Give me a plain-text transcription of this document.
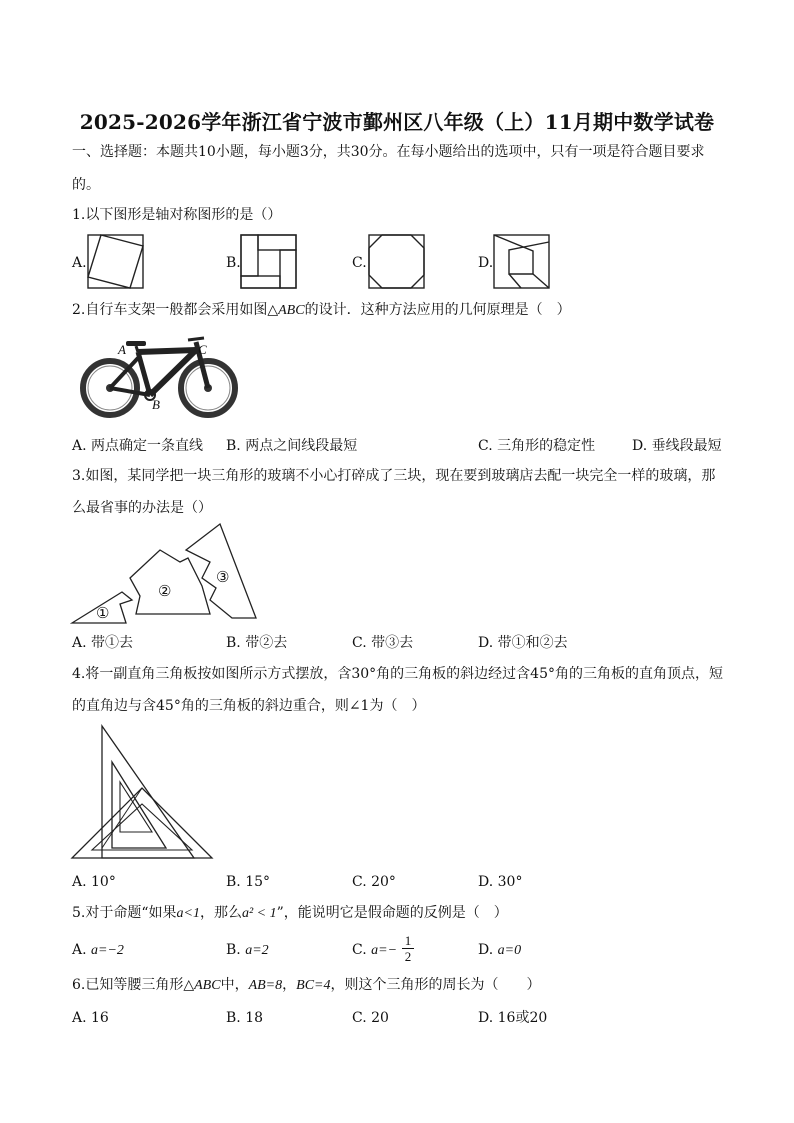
2025-2026学年浙江省宁波市鄞州区八年级（上）11月期中数学试卷
一、选择题：本题共10小题，每小题3分，共30分。在每小题给出的选项中，只有一项是符合题目要求
的。
1.以下图形是轴对称图形的是（）
A.	B.	C.	D.
2.自行车支架一般都会采用如图△ABC的设计．这种方法应用的几何原理是（　）
A	C
B
A. 两点确定一条直线 B. 两点之间线段最短	C. 三角形的稳定性	D. 垂线段最短
3.如图，某同学把一块三角形的玻璃不小心打碎成了三块，现在要到玻璃店去配一块完全一样的玻璃，那
么最省事的办法是（）
①
②
③
A. 带①去	B. 带②去	C. 带③去	D. 带①和②去
4.将一副直角三角板按如图所示方式摆放，含30°角的三角板的斜边经过含45°角的三角板的直角顶点，短
的直角边与含45°角的三角板的斜边重合，则∠1为（　）
A. 10°	B. 15°	C. 20°	D. 30°
5.对于命题“如果a<1，那么a² < 1”，能说明它是假命题的反例是（　）
A. a=−2	B. a=2	C. $a=- \frac{1}{2}$	D. a=0
6.已知等腰三角形△ABC中，AB=8，BC=4，则这个三角形的周长为（　　）
A. 16	B. 18	C. 20	D. 16或20
